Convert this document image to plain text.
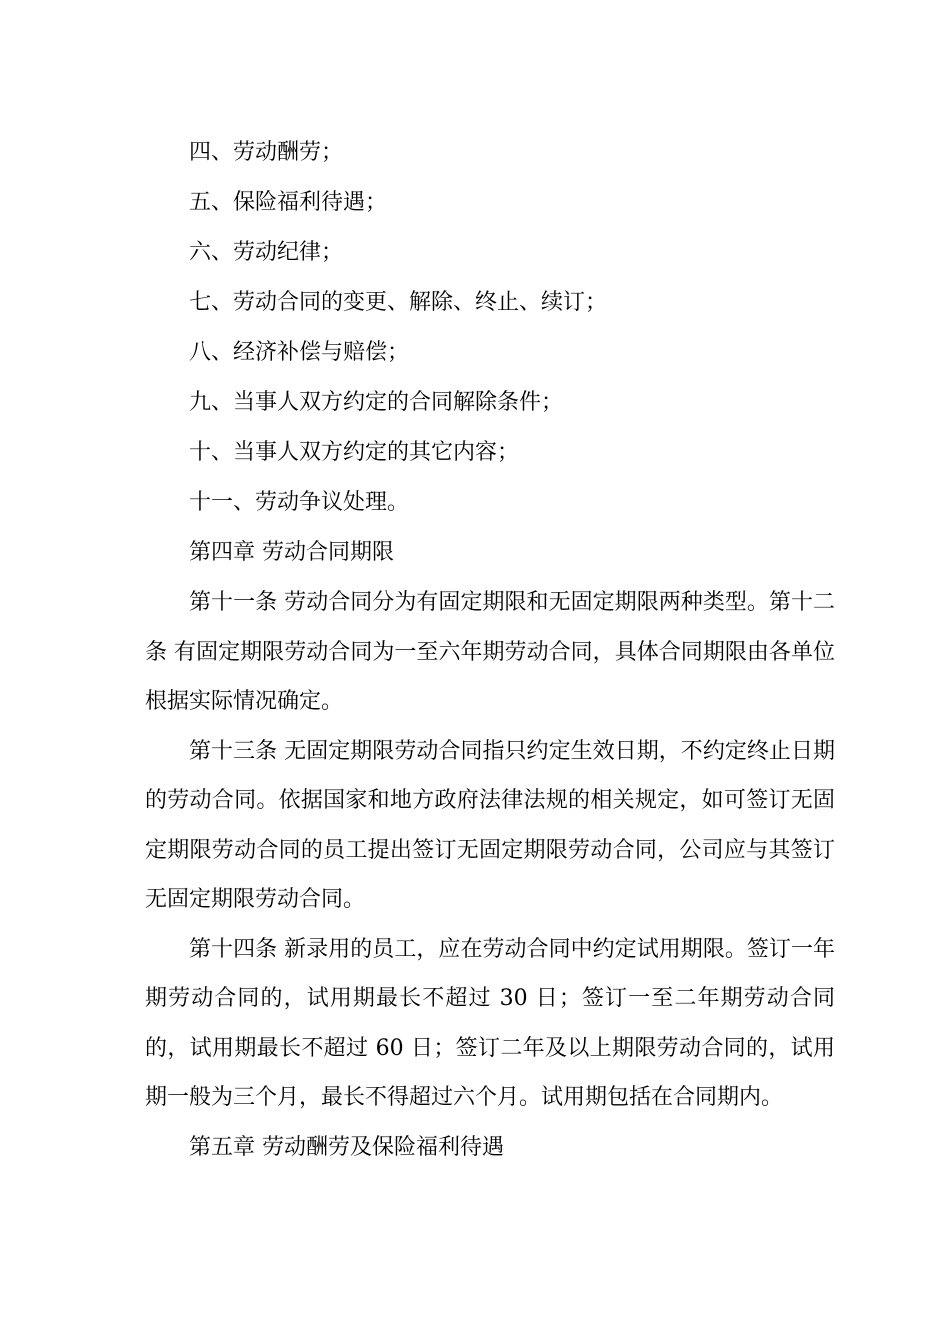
四、劳动酬劳；
五、保险福利待遇；
六、劳动纪律；
七、劳动合同的变更、解除、终止、续订；
八、经济补偿与赔偿；
九、当事人双方约定的合同解除条件；
十、当事人双方约定的其它内容；
十一、劳动争议处理。
第四章 劳动合同期限
第十一条 劳动合同分为有固定期限和无固定期限两种类型。第十二条 有固定期限劳动合同为一至六年期劳动合同，具体合同期限由各单位根据实际情况确定。
第十三条 无固定期限劳动合同指只约定生效日期，不约定终止日期的劳动合同。依据国家和地方政府法律法规的相关规定，如可签订无固定期限劳动合同的员工提出签订无固定期限劳动合同，公司应与其签订无固定期限劳动合同。
第十四条 新录用的员工，应在劳动合同中约定试用期限。签订一年期劳动合同的，试用期最长不超过 30 日；签订一至二年期劳动合同的，试用期最长不超过 60 日；签订二年及以上期限劳动合同的，试用期一般为三个月，最长不得超过六个月。试用期包括在合同期内。
第五章 劳动酬劳及保险福利待遇
